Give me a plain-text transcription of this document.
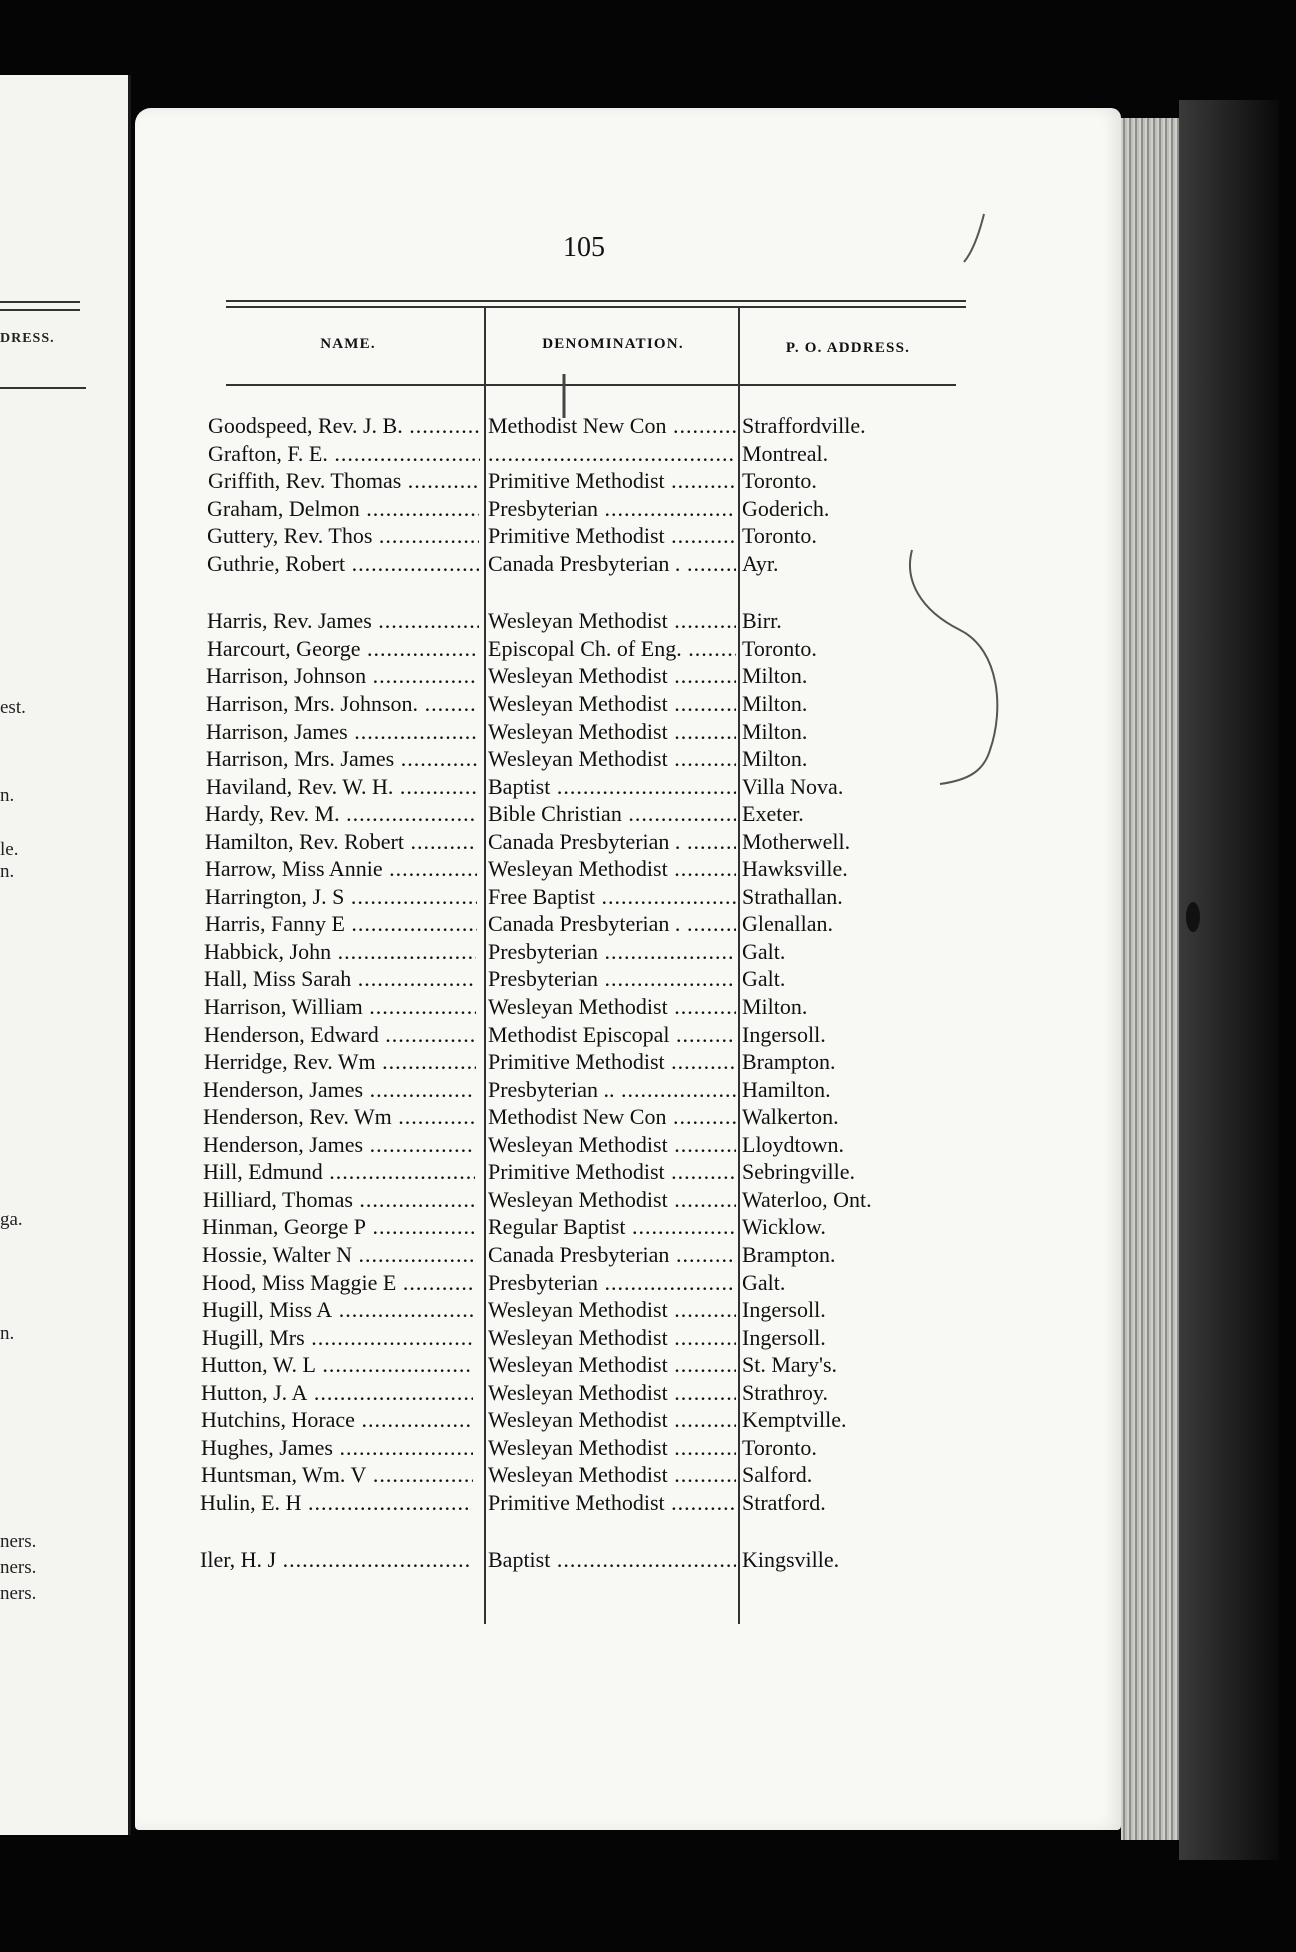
DRESS.
est.
n.
le.
n.
ga.
n.
ners.
ners.
ners.
105
NAME.	DENOMINATION.	P. O. ADDRESS.
Goodspeed, Rev. J. B. .....	Methodist New Con .....	Straffordville.
Grafton, F. E. .....
.....	Montreal.
Griffith, Rev. Thomas .....	Primitive Methodist .....	Toronto.
Graham, Delmon .....	Presbyterian .....	Goderich.
Guttery, Rev. Thos .....	Primitive Methodist .....	Toronto.
Guthrie, Robert .....	Canada Presbyterian . .....	Ayr.
Harris, Rev. James .....	Wesleyan Methodist .....	Birr.
Harcourt, George .....	Episcopal Ch. of Eng. .....	Toronto.
Harrison, Johnson .....	Wesleyan Methodist .....	Milton.
Harrison, Mrs. Johnson. .....	Wesleyan Methodist .....	Milton.
Harrison, James .....	Wesleyan Methodist .....	Milton.
Harrison, Mrs. James .....	Wesleyan Methodist .....	Milton.
Haviland, Rev. W. H. .....	Baptist .....	Villa Nova.
Hardy, Rev. M. .....	Bible Christian .....	Exeter.
Hamilton, Rev. Robert .....	Canada Presbyterian . .....	Motherwell.
Harrow, Miss Annie .....	Wesleyan Methodist .....	Hawksville.
Harrington, J. S .....	Free Baptist .....	Strathallan.
Harris, Fanny E .....	Canada Presbyterian . .....	Glenallan.
Habbick, John .....	Presbyterian .....	Galt.
Hall, Miss Sarah .....	Presbyterian .....	Galt.
Harrison, William .....	Wesleyan Methodist .....	Milton.
Henderson, Edward .....	Methodist Episcopal .....	Ingersoll.
Herridge, Rev. Wm .....	Primitive Methodist .....	Brampton.
Henderson, James .....	Presbyterian .. .....	Hamilton.
Henderson, Rev. Wm .....	Methodist New Con .....	Walkerton.
Henderson, James .....	Wesleyan Methodist .....	Lloydtown.
Hill, Edmund .....	Primitive Methodist .....	Sebringville.
Hilliard, Thomas .....	Wesleyan Methodist .....	Waterloo, Ont.
Hinman, George P .....	Regular Baptist .....	Wicklow.
Hossie, Walter N .....	Canada Presbyterian .....	Brampton.
Hood, Miss Maggie E .....	Presbyterian .....	Galt.
Hugill, Miss A .....	Wesleyan Methodist .....	Ingersoll.
Hugill, Mrs .....	Wesleyan Methodist .....	Ingersoll.
Hutton, W. L .....	Wesleyan Methodist .....	St. Mary's.
Hutton, J. A .....	Wesleyan Methodist .....	Strathroy.
Hutchins, Horace .....	Wesleyan Methodist .....	Kemptville.
Hughes, James .....	Wesleyan Methodist .....	Toronto.
Huntsman, Wm. V .....	Wesleyan Methodist .....	Salford.
Hulin, E. H .....	Primitive Methodist .....	Stratford.
Iler, H. J .....	Baptist .....	Kingsville.
